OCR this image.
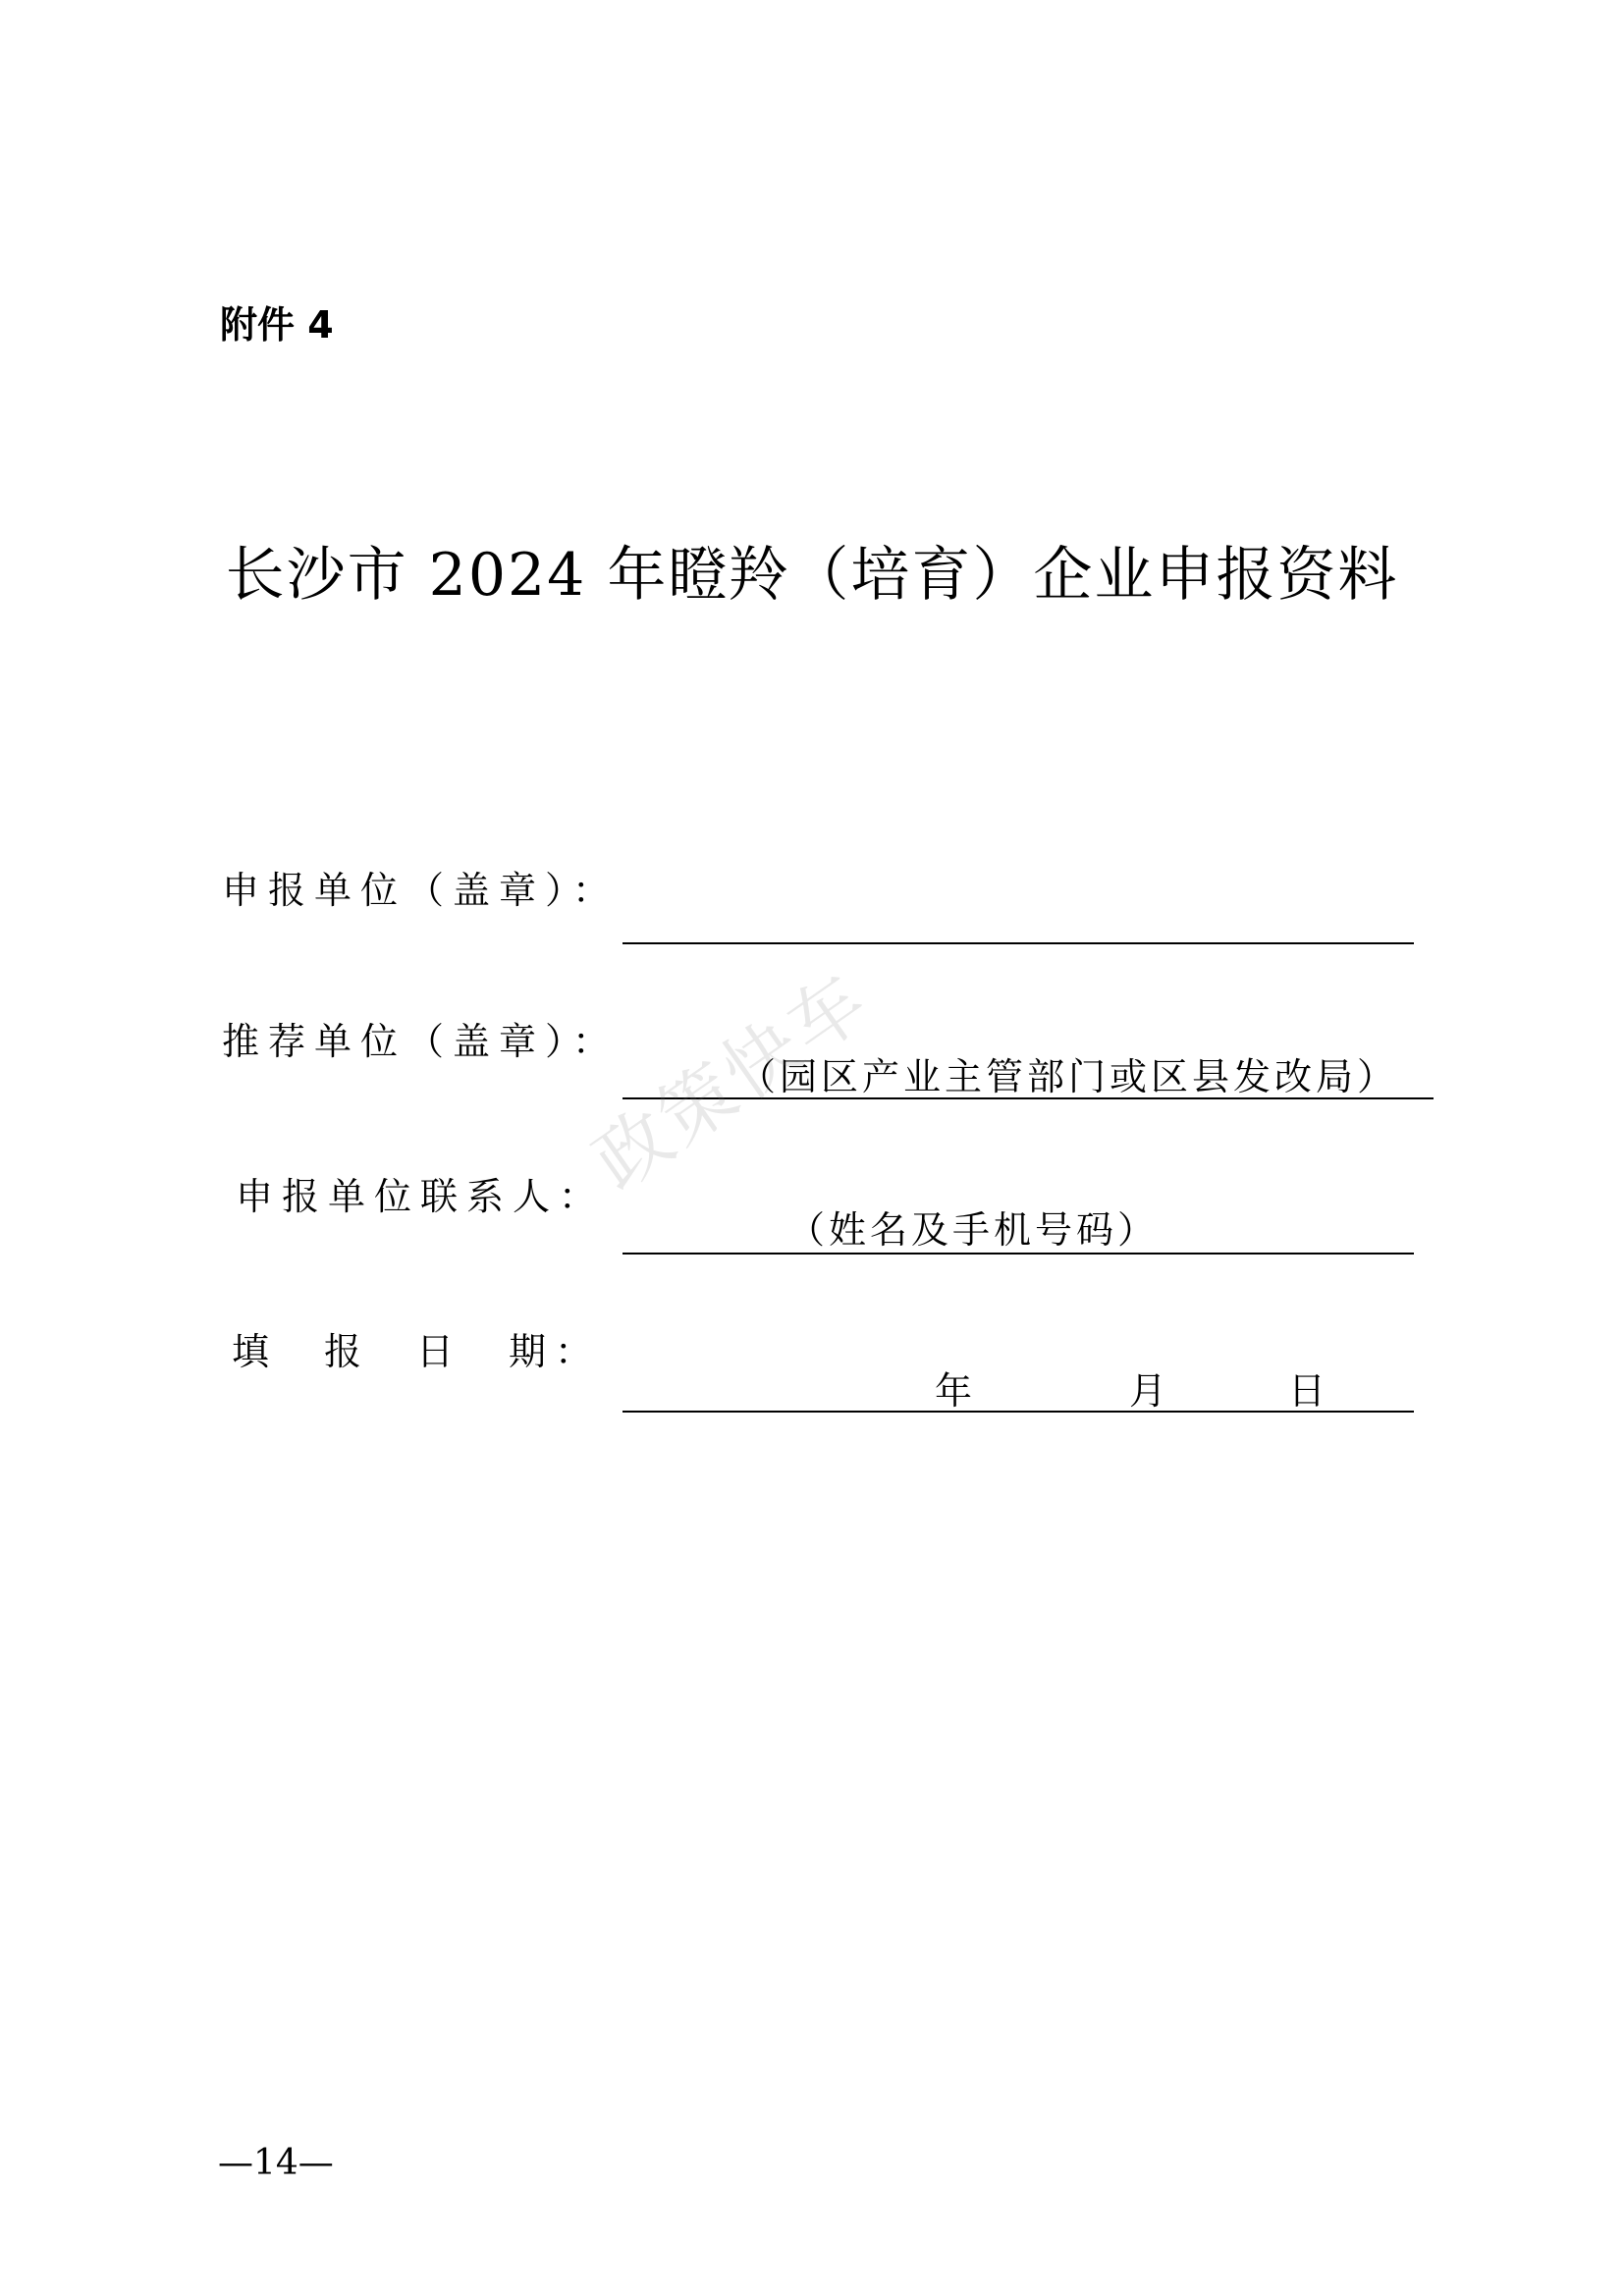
附件 4
长沙市 2024 年瞪羚（培育）企业申报资料
申报单位（盖章）：
推荐单位（盖章）：
（园区产业主管部门或区县发改局）
申报单位联系人：
（姓名及手机号码）
填　报　日　期：
年	月	日
政策快车
—14—
